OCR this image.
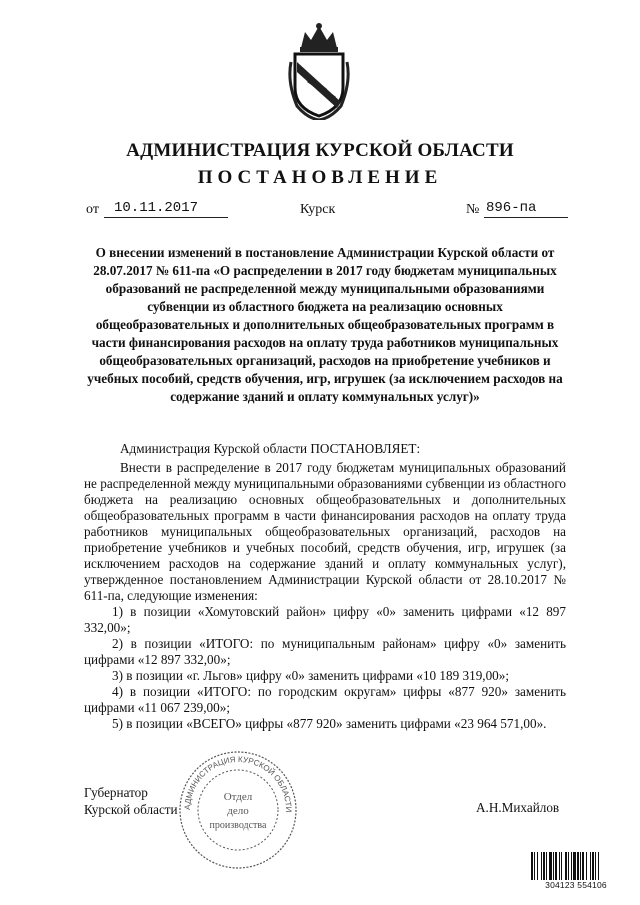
АДМИНИСТРАЦИЯ КУРСКОЙ ОБЛАСТИ
ПОСТАНОВЛЕНИЕ
от	10.11.2017	Курск	№ 896-па
О внесении изменений в постановление Администрации Курской области от 28.07.2017 № 611-па «О распределении в 2017 году бюджетам муниципальных образований не распределенной между муниципальными образованиями субвенции из областного бюджета на реализацию основных общеобразовательных и дополнительных общеобразовательных программ в части финансирования расходов на оплату труда работников муниципальных общеобразовательных организаций, расходов на приобретение учебников и учебных пособий, средств обучения, игр, игрушек (за исключением расходов на содержание зданий и оплату коммунальных услуг)»
Администрация Курской области ПОСТАНОВЛЯЕТ:

Внести в распределение в 2017 году бюджетам муниципальных образований не распределенной между муниципальными образованиями субвенции из областного бюджета на реализацию основных общеобразовательных и дополнительных общеобразовательных программ в части финансирования расходов на оплату труда работников муниципальных общеобразовательных организаций, расходов на приобретение учебников и учебных пособий, средств обучения, игр, игрушек (за исключением расходов на содержание зданий и оплату коммунальных услуг), утвержденное постановлением Администрации Курской области от 28.10.2017 № 611-па, следующие изменения:

1) в позиции «Хомутовский район» цифру «0» заменить цифрами «12 897 332,00»;

2) в позиции «ИТОГО: по муниципальным районам» цифру «0» заменить цифрами «12 897 332,00»;

3) в позиции «г. Льгов» цифру «0» заменить цифрами «10 189 319,00»;

4) в позиции «ИТОГО: по городским округам» цифры «877 920» заменить цифрами «11 067 239,00»;

5) в позиции «ВСЕГО» цифры «877 920» заменить цифрами «23 964 571,00».

Губернатор
Курской области	А.Н.Михайлов
АДМИНИСТРАЦИЯ КУРСКОЙ ОБЛАСТИ
Отдел
дело
производства
304123 554106
